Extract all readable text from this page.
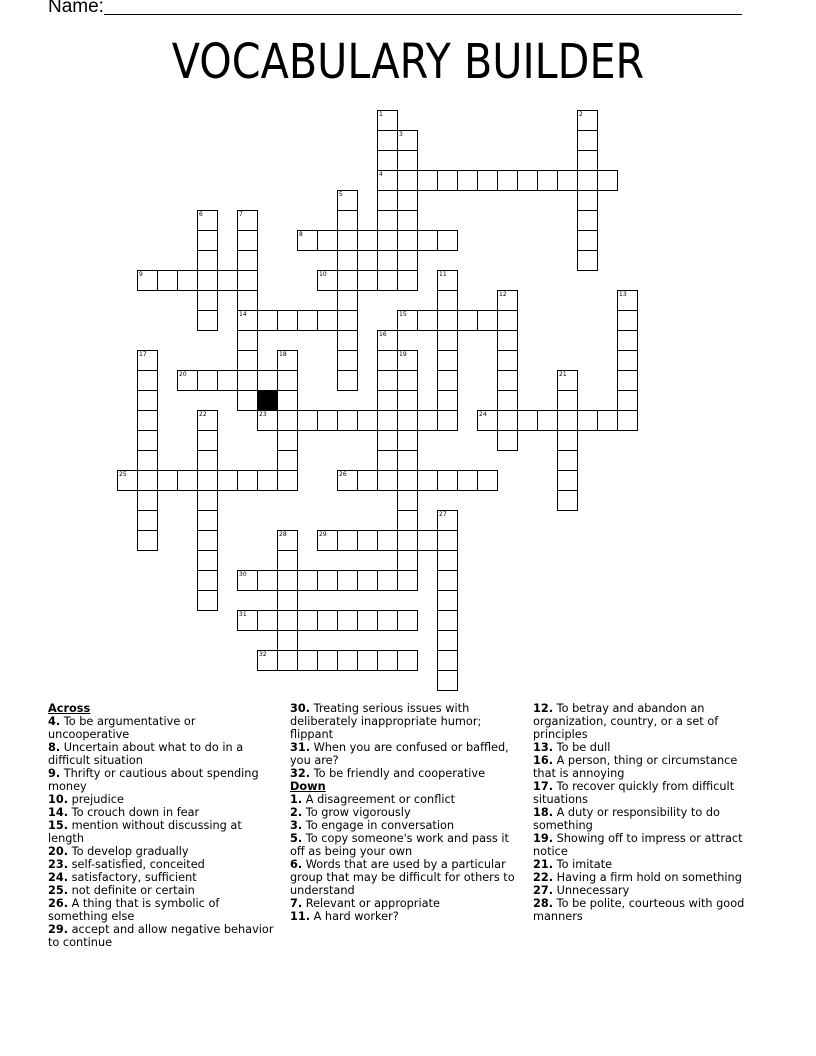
Name:
VOCABULARY BUILDER
1
4
2
3
5
6	7
14
8
9	10	11
12	13
15
16
17	18	19
20	21
22	23	24
25	26
27
28	29
30
31
32
Across
4. To be argumentative or uncooperative
8. Uncertain about what to do in a difficult situation
9. Thrifty or cautious about spending money
10. prejudice
14. To crouch down in fear
15. mention without discussing at length
20. To develop gradually
23. self-satisfied, conceited
24. satisfactory, sufficient
25. not definite or certain
26. A thing that is symbolic of something else
29. accept and allow negative behavior to continue
30. Treating serious issues with deliberately inappropriate humor; flippant
31. When you are confused or baffled, you are?
32. To be friendly and cooperative
Down
1. A disagreement or conflict
2. To grow vigorously
3. To engage in conversation
5. To copy someone's work and pass it off as being your own
6. Words that are used by a particular group that may be difficult for others to understand
7. Relevant or appropriate
11. A hard worker?
12. To betray and abandon an organization, country, or a set of principles
13. To be dull
16. A person, thing or circumstance that is annoying
17. To recover quickly from difficult situations
18. A duty or responsibility to do something
19. Showing off to impress or attract notice
21. To imitate
22. Having a firm hold on something
27. Unnecessary
28. To be polite, courteous with good manners
